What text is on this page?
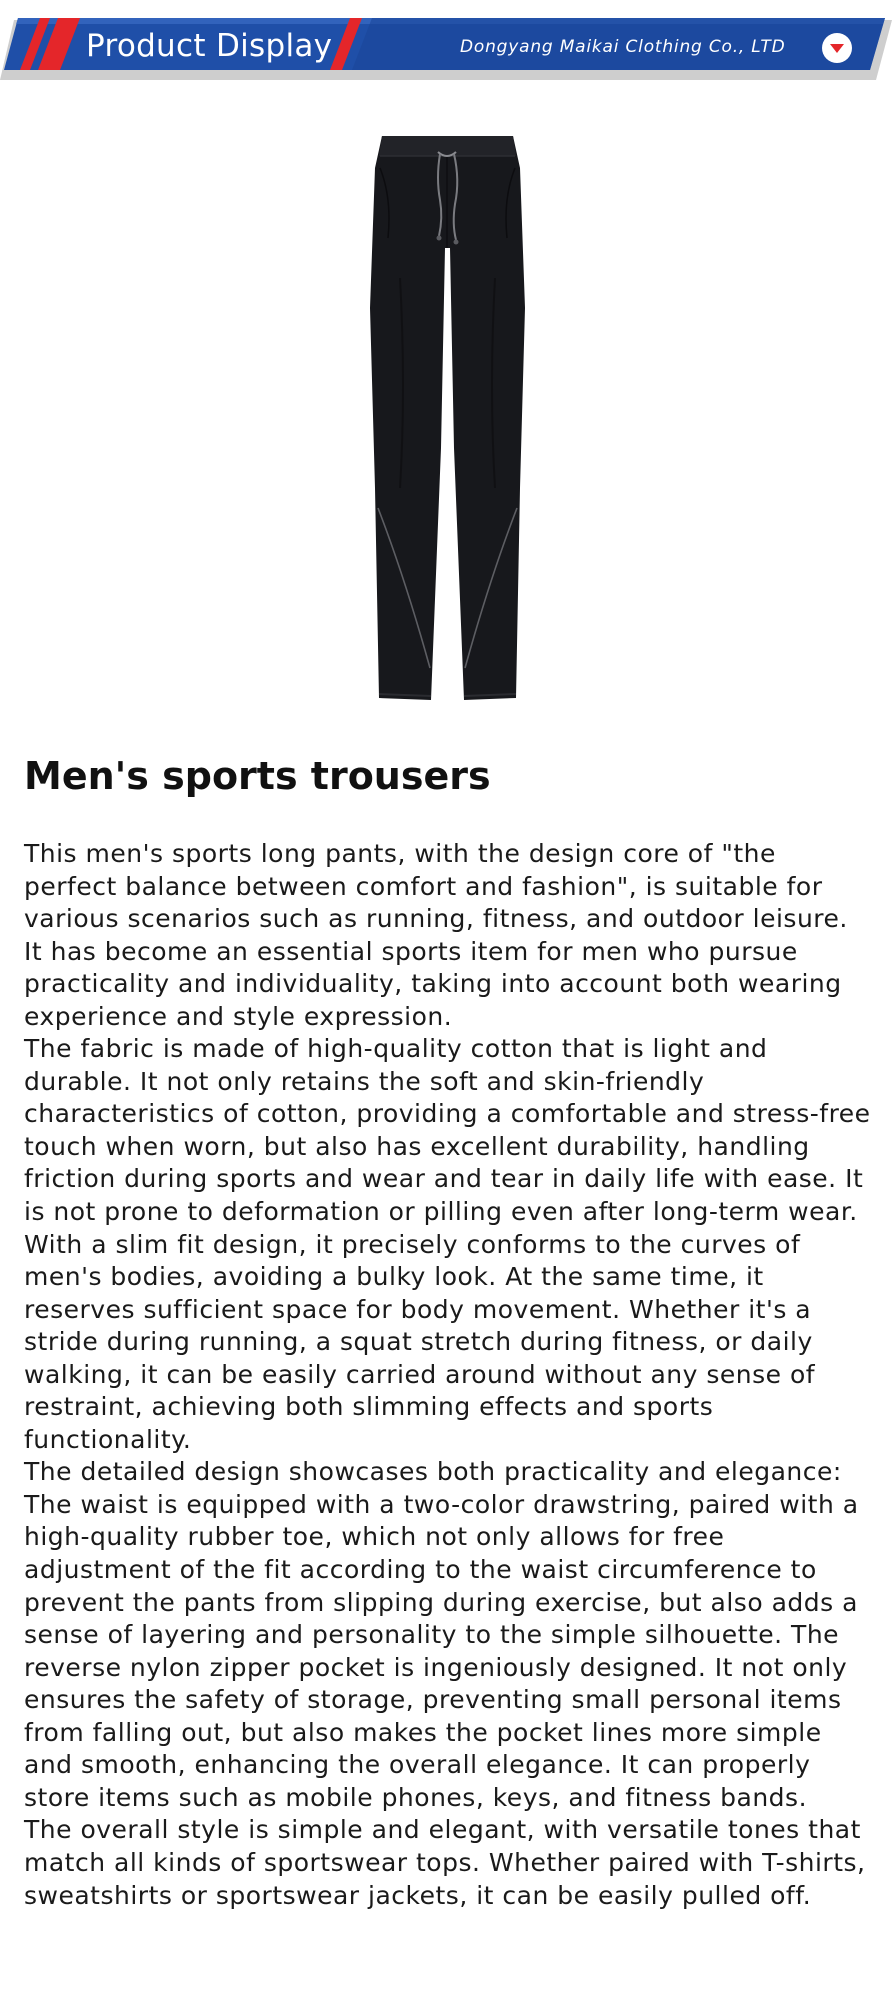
Product Display	Dongyang Maikai Clothing Co., LTD
Men's sports trousers

This men's sports long pants, with the design core of "the perfect balance between comfort and fashion", is suitable for various scenarios such as running, fitness, and outdoor leisure. It has become an essential sports item for men who pursue practicality and individuality, taking into account both wearing experience and style expression.

The fabric is made of high-quality cotton that is light and durable. It not only retains the soft and skin-friendly characteristics of cotton, providing a comfortable and stress-free touch when worn, but also has excellent durability, handling friction during sports and wear and tear in daily life with ease. It is not prone to deformation or pilling even after long-term wear. With a slim fit design, it precisely conforms to the curves of men's bodies, avoiding a bulky look. At the same time, it reserves sufficient space for body movement. Whether it's a stride during running, a squat stretch during fitness, or daily walking, it can be easily carried around without any sense of restraint, achieving both slimming effects and sports functionality.

The detailed design showcases both practicality and elegance: The waist is equipped with a two-color drawstring, paired with a high-quality rubber toe, which not only allows for free adjustment of the fit according to the waist circumference to prevent the pants from slipping during exercise, but also adds a sense of layering and personality to the simple silhouette. The reverse nylon zipper pocket is ingeniously designed. It not only ensures the safety of storage, preventing small personal items from falling out, but also makes the pocket lines more simple and smooth, enhancing the overall elegance. It can properly store items such as mobile phones, keys, and fitness bands.

The overall style is simple and elegant, with versatile tones that match all kinds of sportswear tops. Whether paired with T-shirts, sweatshirts or sportswear jackets, it can be easily pulled off.
